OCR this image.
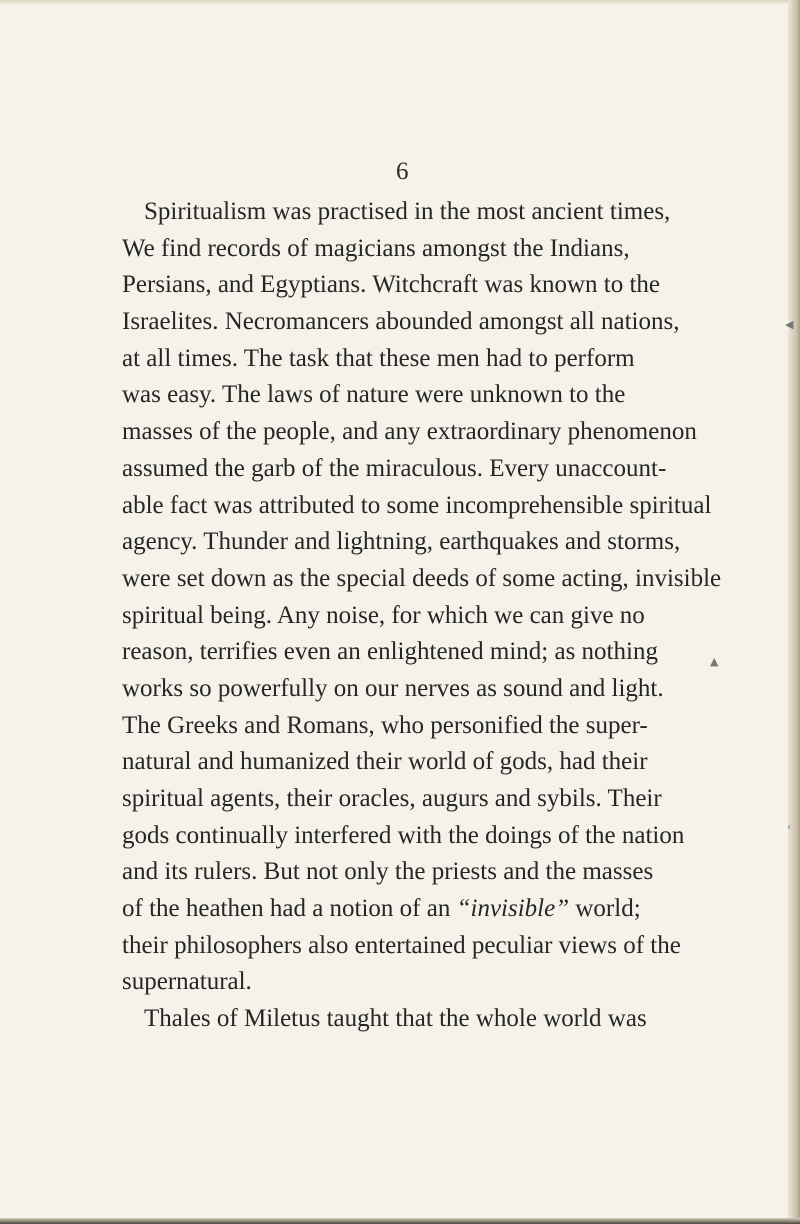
6
Spiritualism was practised in the most ancient times,
We find records of magicians amongst the Indians,
Persians, and Egyptians. Witchcraft was known to the
Israelites. Necromancers abounded amongst all nations,
at all times. The task that these men had to perform
was easy. The laws of nature were unknown to the
masses of the people, and any extraordinary phenomenon
assumed the garb of the miraculous. Every unaccount-
able fact was attributed to some incomprehensible spiritual
agency. Thunder and lightning, earthquakes and storms,
were set down as the special deeds of some acting, invisible
spiritual being. Any noise, for which we can give no
reason, terrifies even an enlightened mind; as nothing
works so powerfully on our nerves as sound and light.
The Greeks and Romans, who personified the super-
natural and humanized their world of gods, had their
spiritual agents, their oracles, augurs and sybils. Their
gods continually interfered with the doings of the nation
and its rulers. But not only the priests and the masses
of the heathen had a notion of an “invisible” world;
their philosophers also entertained peculiar views of the
supernatural.
Thales of Miletus taught that the whole world was
◀
▲
‹
